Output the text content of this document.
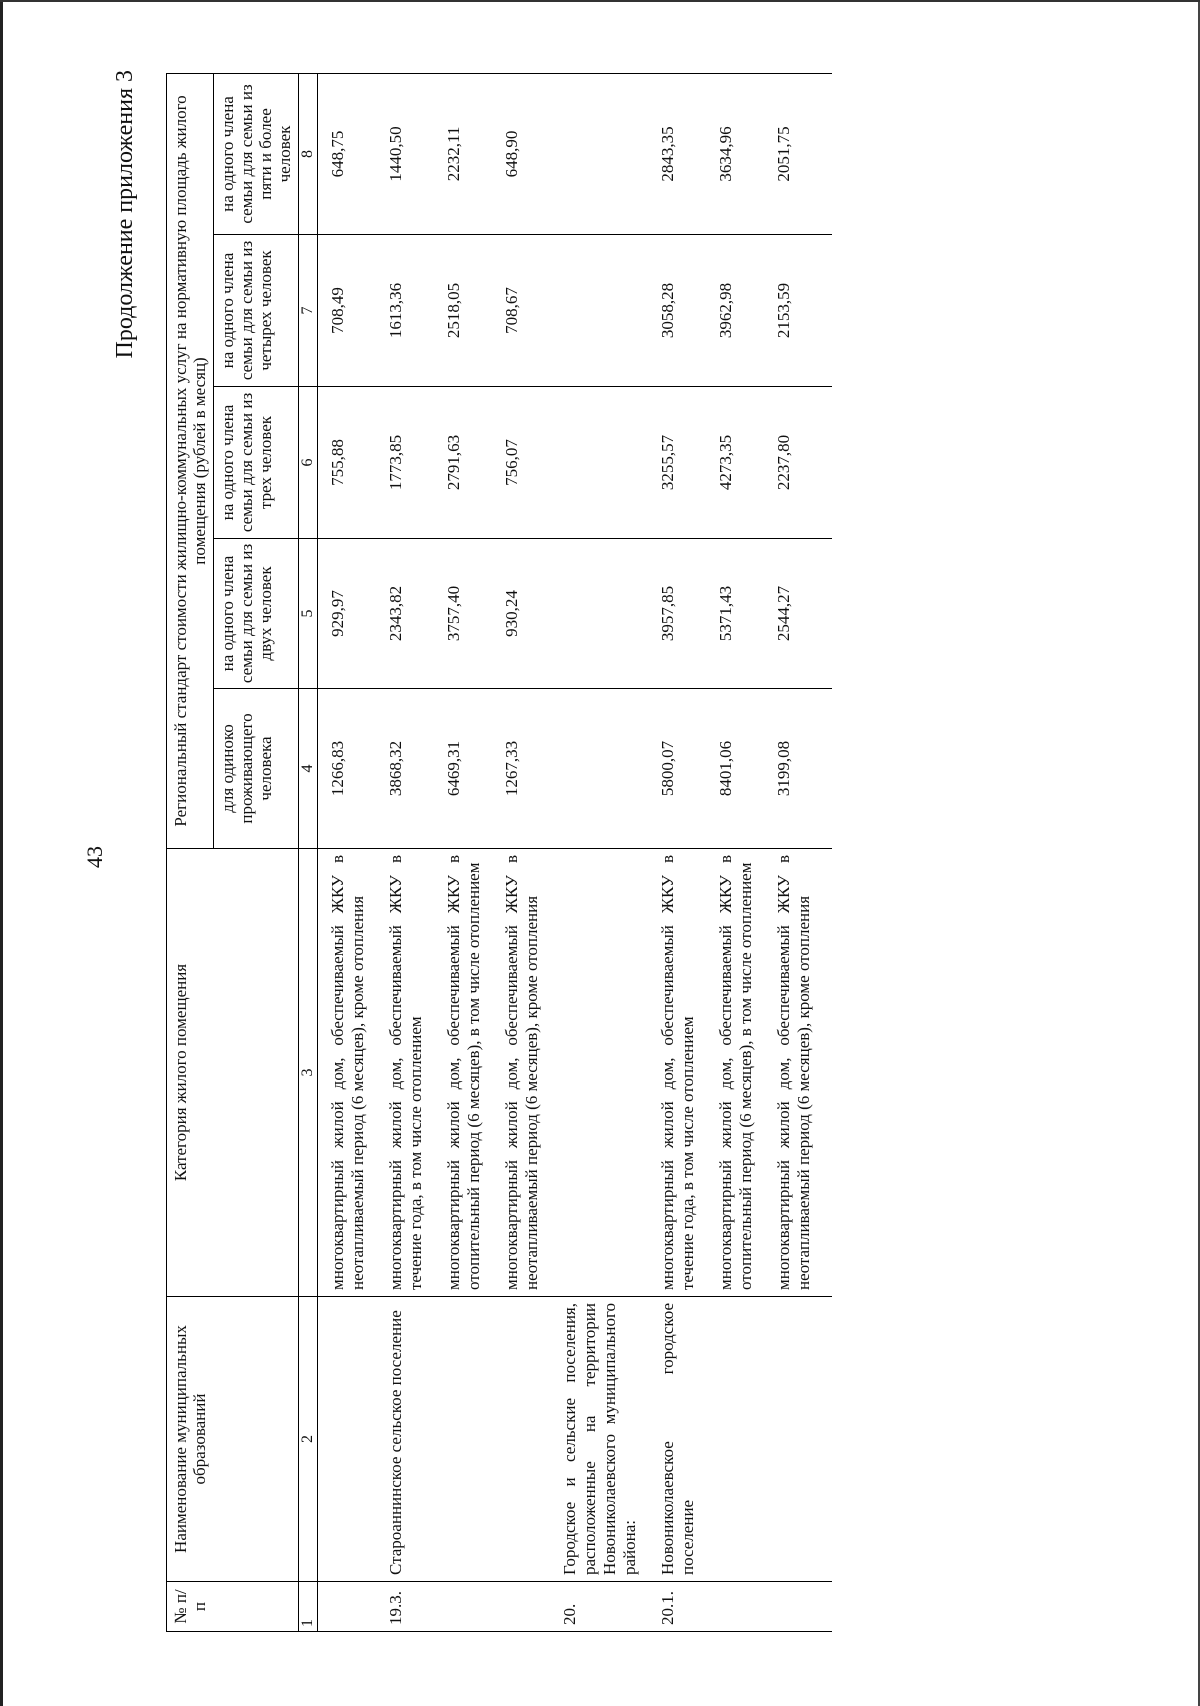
43
Продолжение приложения 3
№ п/п	Наименование муниципальных образований	Категория жилого помещения	Региональный стандарт стоимости жилищно-коммунальных услуг на нормативную площадь жилого помещения (рублей в месяц)				
			для одиноко проживающего человека	на одного члена семьи для семьи из двух человек	на одного члена семьи для семьи из трех человек	на одного члена семьи для семьи из четырех человек	на одного члена семьи для семьи из пяти и более человек
1	2	3	4	5	6	7	8
		многоквартирный жилой дом, обеспечиваемый ЖКУ в неотапливаемый период (6 месяцев), кроме отопления	1266,83	929,97	755,88	708,49	648,75
19.3.	Староаннинское сельское поселение	многоквартирный жилой дом, обеспечиваемый ЖКУ в течение года, в том числе отоплением	3868,32	2343,82	1773,85	1613,36	1440,50
		многоквартирный жилой дом, обеспечиваемый ЖКУ в отопительный период (6 месяцев), в том числе отоплением	6469,31	3757,40	2791,63	2518,05	2232,11
		многоквартирный жилой дом, обеспечиваемый ЖКУ в неотапливаемый период (6 месяцев), кроме отопления	1267,33	930,24	756,07	708,67	648,90
20.	Городское и сельские поселения, расположенные на территории Новониколаевского муниципального района:						
20.1.	Новониколаевское городское поселение	многоквартирный жилой дом, обеспечиваемый ЖКУ в течение года, в том числе отоплением	5800,07	3957,85	3255,57	3058,28	2843,35
		многоквартирный жилой дом, обеспечиваемый ЖКУ в отопительный период (6 месяцев), в том числе отоплением	8401,06	5371,43	4273,35	3962,98	3634,96
		многоквартирный жилой дом, обеспечиваемый ЖКУ в неотапливаемый период (6 месяцев), кроме отопления	3199,08	2544,27	2237,80	2153,59	2051,75
